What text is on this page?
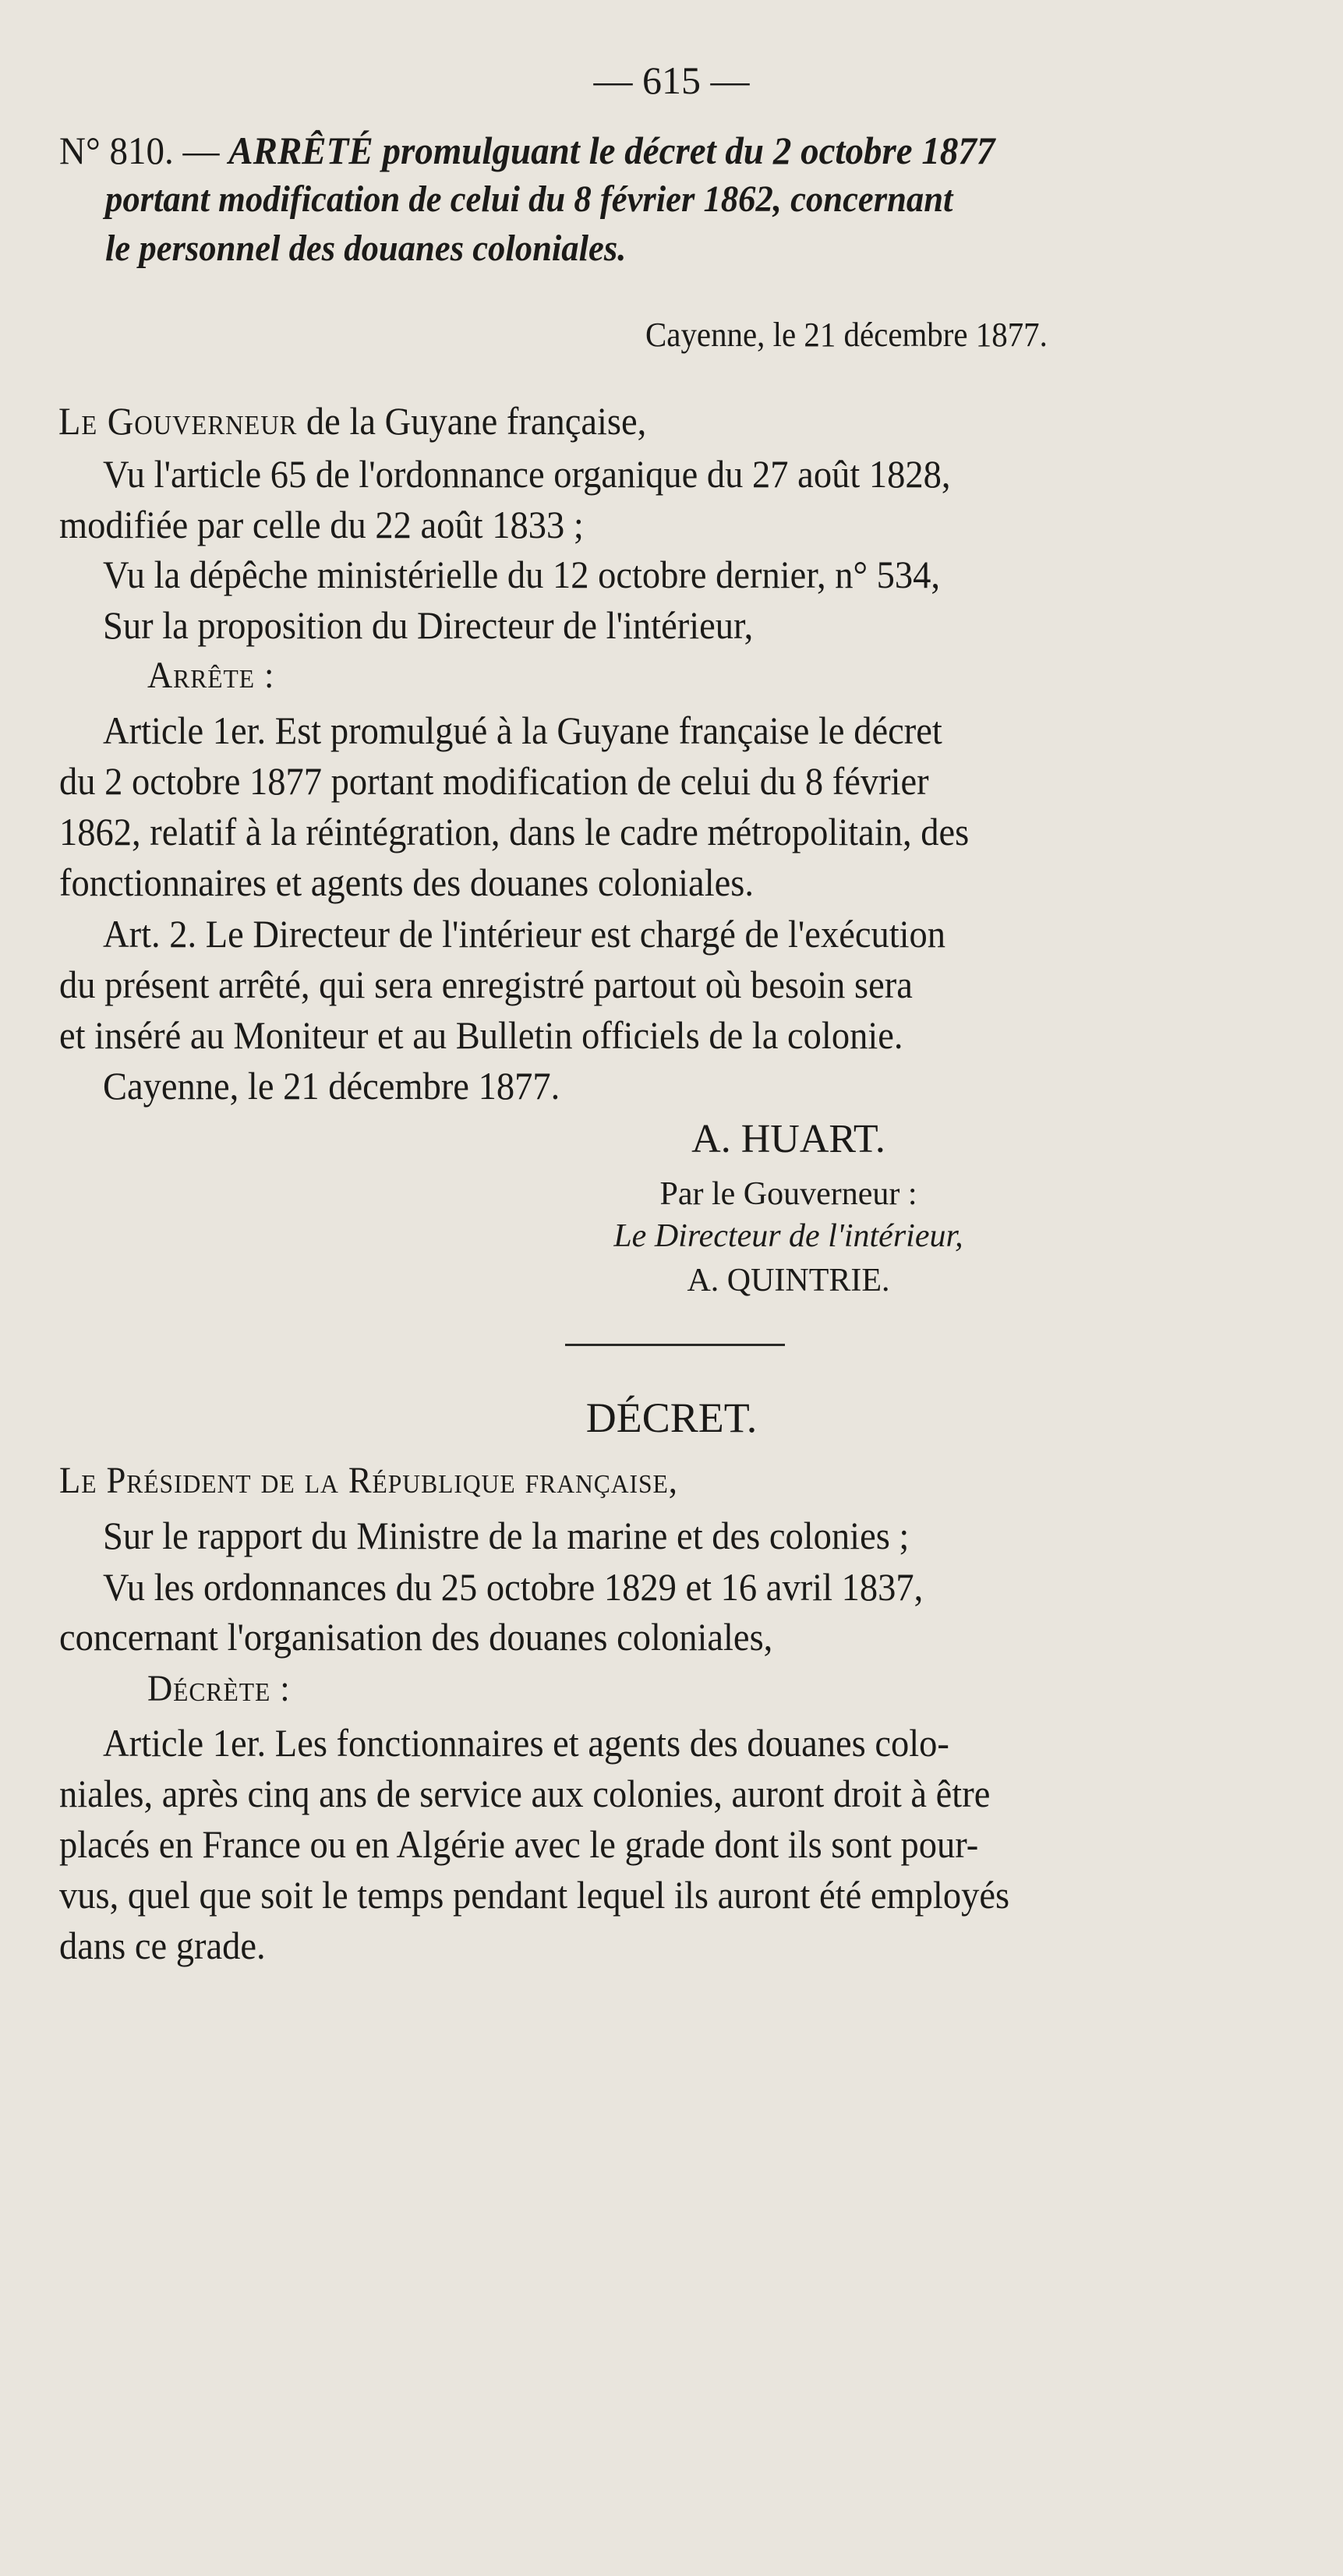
— 615 —
N° 810. — ARRÊTÉ promulguant le décret du 2 octobre 1877
portant modification de celui du 8 février 1862, concernant
le personnel des douanes coloniales.
Cayenne, le 21 décembre 1877.
Le Gouverneur de la Guyane française,
Vu l'article 65 de l'ordonnance organique du 27 août 1828,
modifiée par celle du 22 août 1833 ;
Vu la dépêche ministérielle du 12 octobre dernier, n° 534,
Sur la proposition du Directeur de l'intérieur,
Arrête :
Article 1er. Est promulgué à la Guyane française le décret
du 2 octobre 1877 portant modification de celui du 8 février
1862, relatif à la réintégration, dans le cadre métropolitain, des
fonctionnaires et agents des douanes coloniales.
Art. 2. Le Directeur de l'intérieur est chargé de l'exécution
du présent arrêté, qui sera enregistré partout où besoin sera
et inséré au Moniteur et au Bulletin officiels de la colonie.
Cayenne, le 21 décembre 1877.
A. HUART.
Par le Gouverneur :
Le Directeur de l'intérieur,
A. QUINTRIE.
DÉCRET.
Le Président de la République française,
Sur le rapport du Ministre de la marine et des colonies ;
Vu les ordonnances du 25 octobre 1829 et 16 avril 1837,
concernant l'organisation des douanes coloniales,
Décrète :
Article 1er. Les fonctionnaires et agents des douanes colo-
niales, après cinq ans de service aux colonies, auront droit à être
placés en France ou en Algérie avec le grade dont ils sont pour-
vus, quel que soit le temps pendant lequel ils auront été employés
dans ce grade.
